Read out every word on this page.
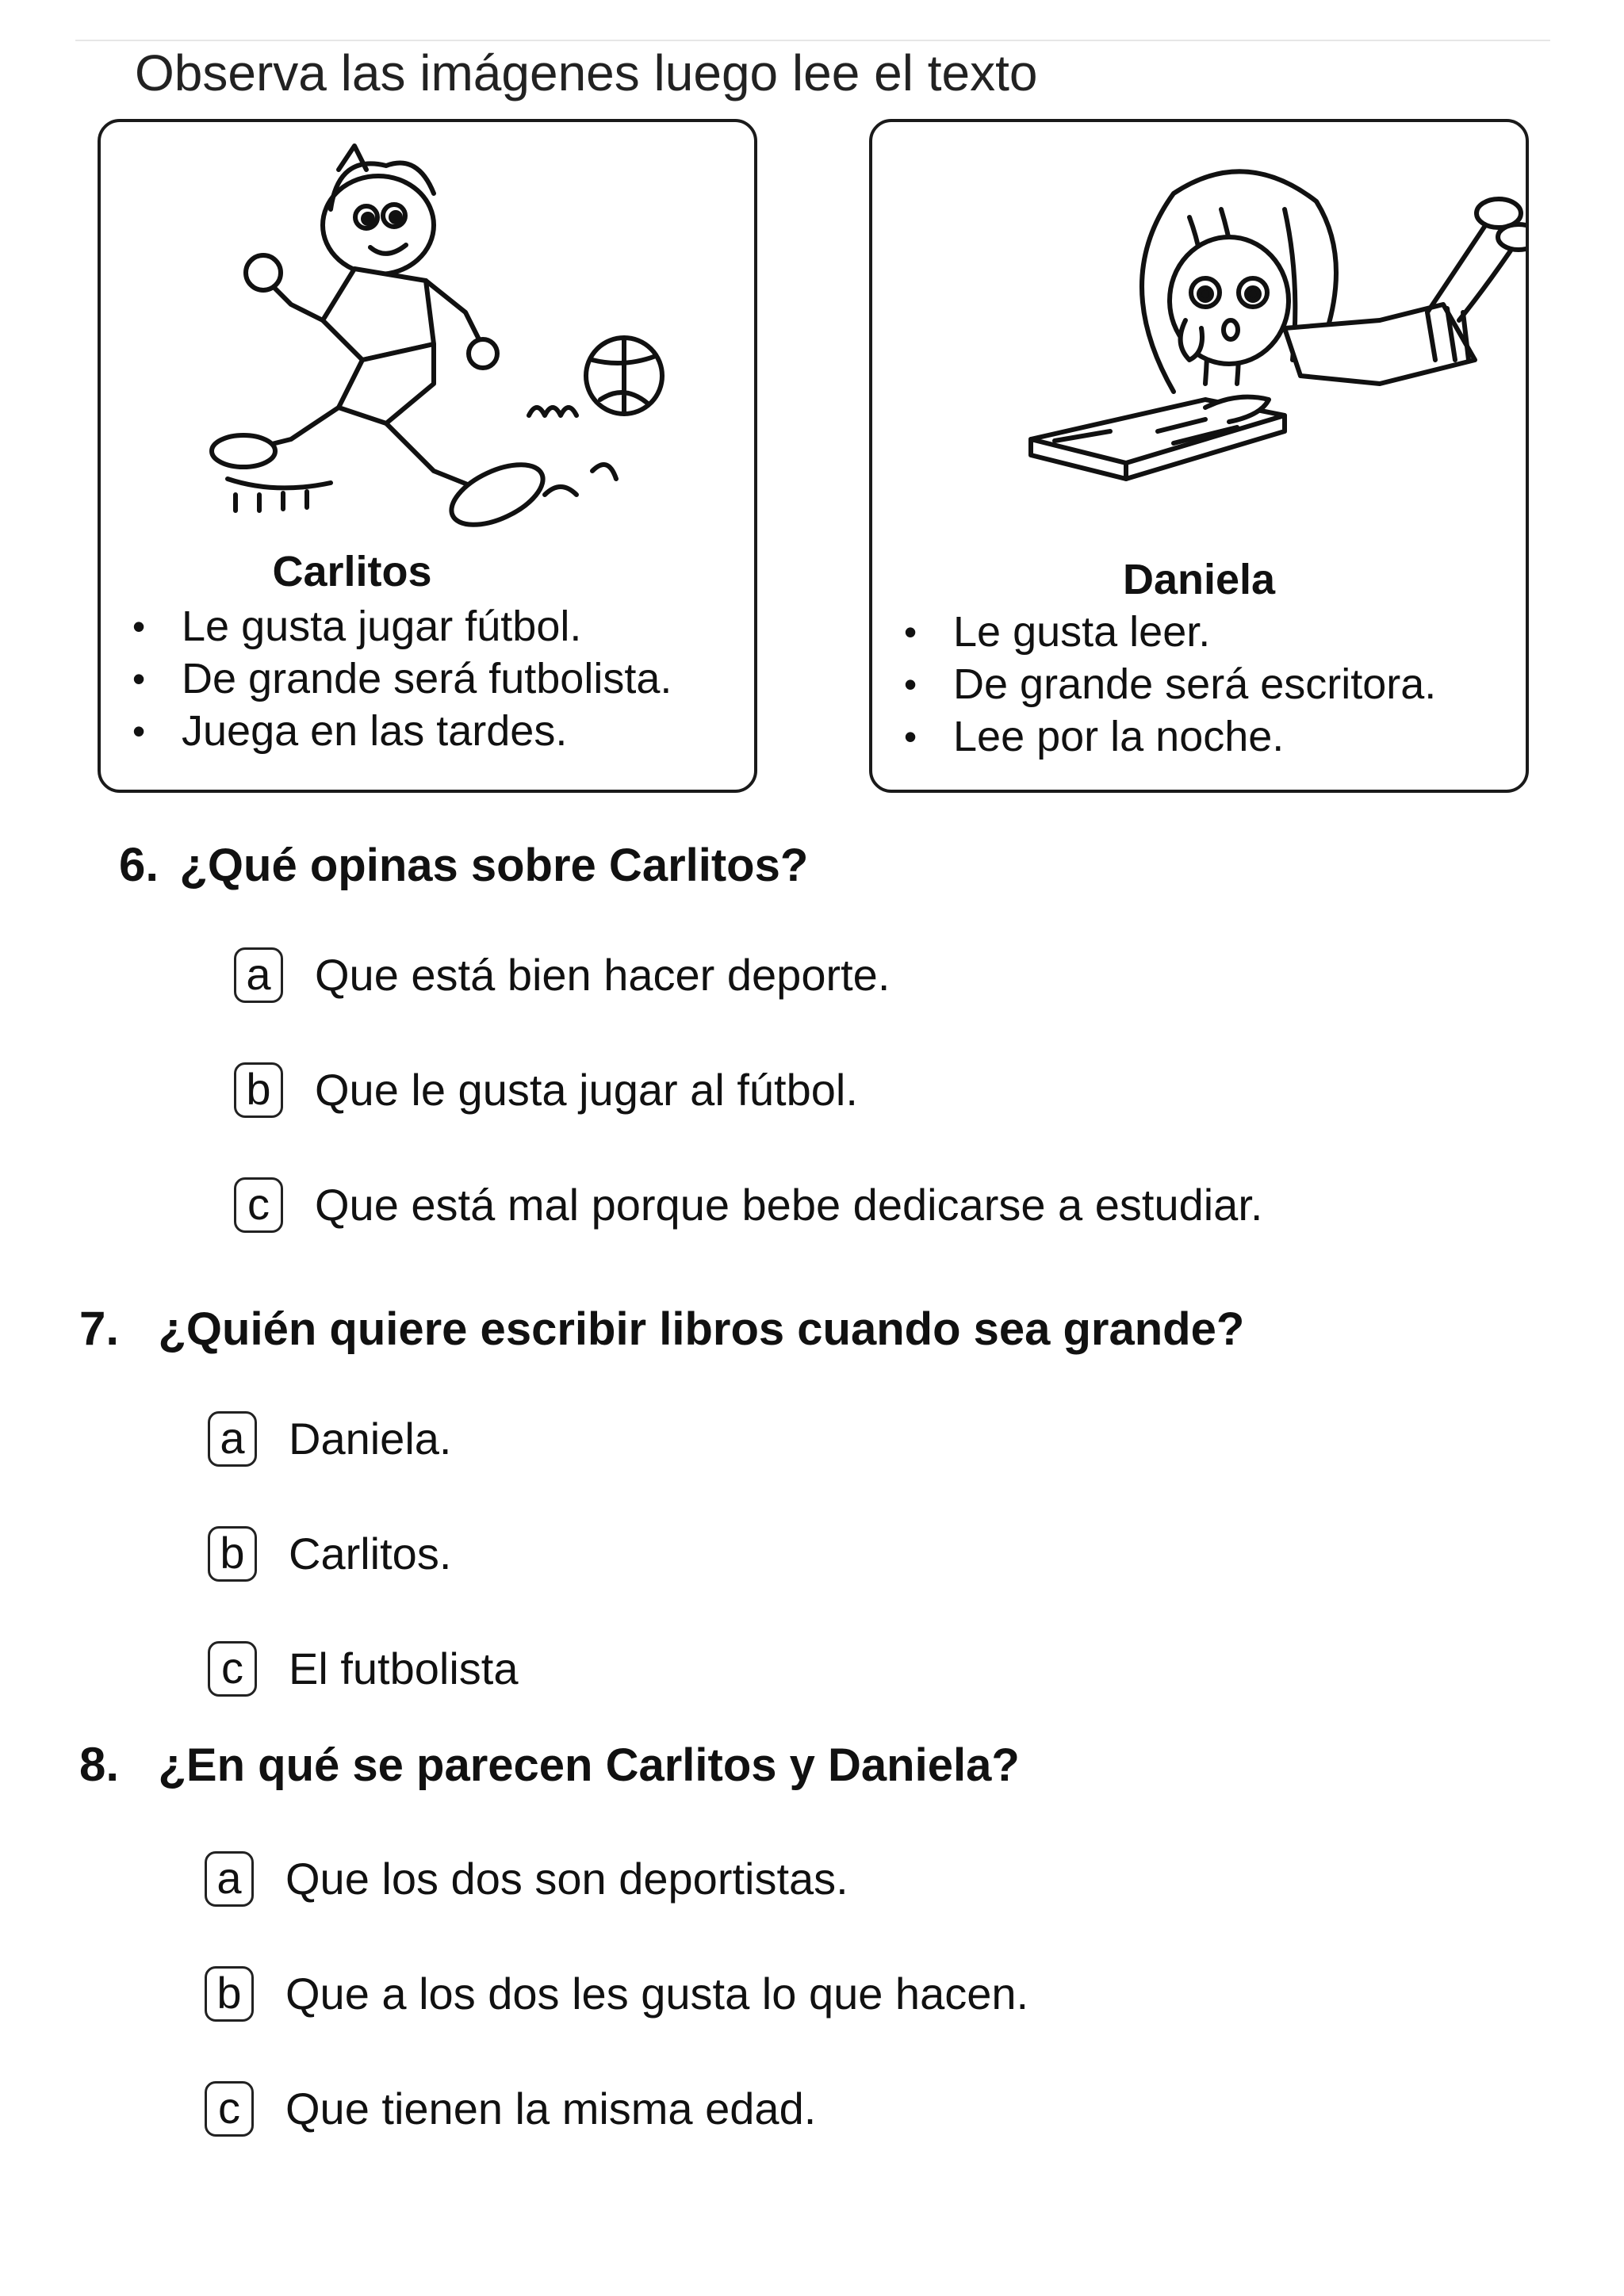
Observa las imágenes luego lee el texto
Carlitos
• Le gusta jugar fútbol.
• De grande será futbolista.
• Juega en las tardes.
Daniela
• Le gusta leer.
• De grande será escritora.
• Lee por la noche.
6. ¿Qué opinas sobre Carlitos?
a Que está bien hacer deporte.
b Que le gusta jugar al fútbol.
c	Que está mal porque bebe dedicarse a estudiar.
7. ¿Quién quiere escribir libros cuando sea grande?
a Daniela.
b Carlitos.
c	El futbolista
8. ¿En qué se parecen Carlitos y Daniela?
a Que los dos son deportistas.
b Que a los dos les gusta lo que hacen.
c	Que tienen la misma edad.
